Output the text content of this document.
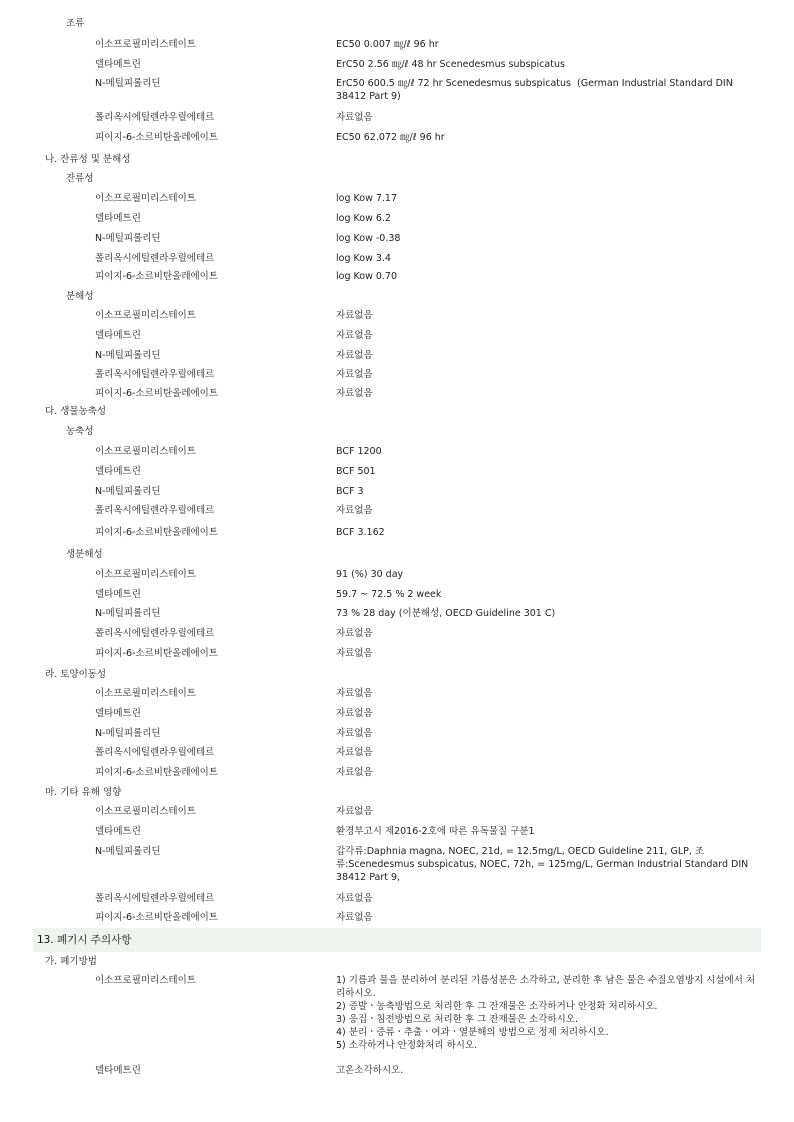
조류
이소프로필미리스테이트	EC50 0.007 ㎎/ℓ 96 hr
델타메트린	ErC50 2.56 ㎎/ℓ 48 hr Scenedesmus subspicatus
N-메틸피롤리딘	ErC50 600.5 ㎎/ℓ 72 hr Scenedesmus subspicatus  (German Industrial Standard DIN 38412 Part 9)
폴리옥시에틸렌라우릴에테르	자료없음
피이지-6-소르비탄올레에이트	EC50 62.072 ㎎/ℓ 96 hr
나. 잔류성 및 분해성
잔류성
이소프로필미리스테이트	log Kow 7.17
델타메트린	log Kow 6.2
N-메틸피롤리딘	log Kow -0.38
폴리옥시에틸렌라우릴에테르	log Kow 3.4
피이지-6-소르비탄올레에이트	log Kow 0.70
분해성
이소프로필미리스테이트	자료없음
델타메트린	자료없음
N-메틸피롤리딘	자료없음
폴리옥시에틸렌라우릴에테르	자료없음
피이지-6-소르비탄올레에이트	자료없음
다. 생물농축성
농축성
이소프로필미리스테이트	BCF 1200
델타메트린	BCF 501
N-메틸피롤리딘	BCF 3
폴리옥시에틸렌라우릴에테르	자료없음
피이지-6-소르비탄올레에이트	BCF 3.162
생분해성
이소프로필미리스테이트	91 (%) 30 day
델타메트린	59.7 ~ 72.5 % 2 week
N-메틸피롤리딘	73 % 28 day (이분해성, OECD Guideline 301 C)
폴리옥시에틸렌라우릴에테르	자료없음
피이지-6-소르비탄올레에이트	자료없음
라. 토양이동성
이소프로필미리스테이트	자료없음
델타메트린	자료없음
N-메틸피롤리딘	자료없음
폴리옥시에틸렌라우릴에테르	자료없음
피이지-6-소르비탄올레에이트	자료없음
마. 기타 유해 영향
이소프로필미리스테이트	자료없음
델타메트린	환경부고시 제2016-2호에 따른 유독물질 구분1
N-메틸피롤리딘	갑각류:Daphnia magna, NOEC, 21d, = 12.5mg/L, OECD Guideline 211, GLP, 조류:Scenedesmus subspicatus, NOEC, 72h, = 125mg/L, German Industrial Standard DIN 38412 Part 9,
폴리옥시에틸렌라우릴에테르	자료없음
피이지-6-소르비탄올레에이트	자료없음
13. 폐기시 주의사항
가. 폐기방법
이소프로필미리스테이트	1) 기름과 물을 분리하여 분리된 기름성분은 소각하고, 분리한 후 남은 물은 수질오염방지 시설에서 처리하시오.
2) 증발ㆍ농축방법으로 처리한 후 그 잔재물은 소각하거나 안정화 처리하시오.
3) 응집ㆍ침전방법으로 처리한 후 그 잔재물은 소각하시오.
4) 분리ㆍ증류ㆍ추출ㆍ여과ㆍ열분해의 방법으로 정제 처리하시오.
5) 소각하거나 안정화처리 하시오.
델타메트린	고온소각하시오.
